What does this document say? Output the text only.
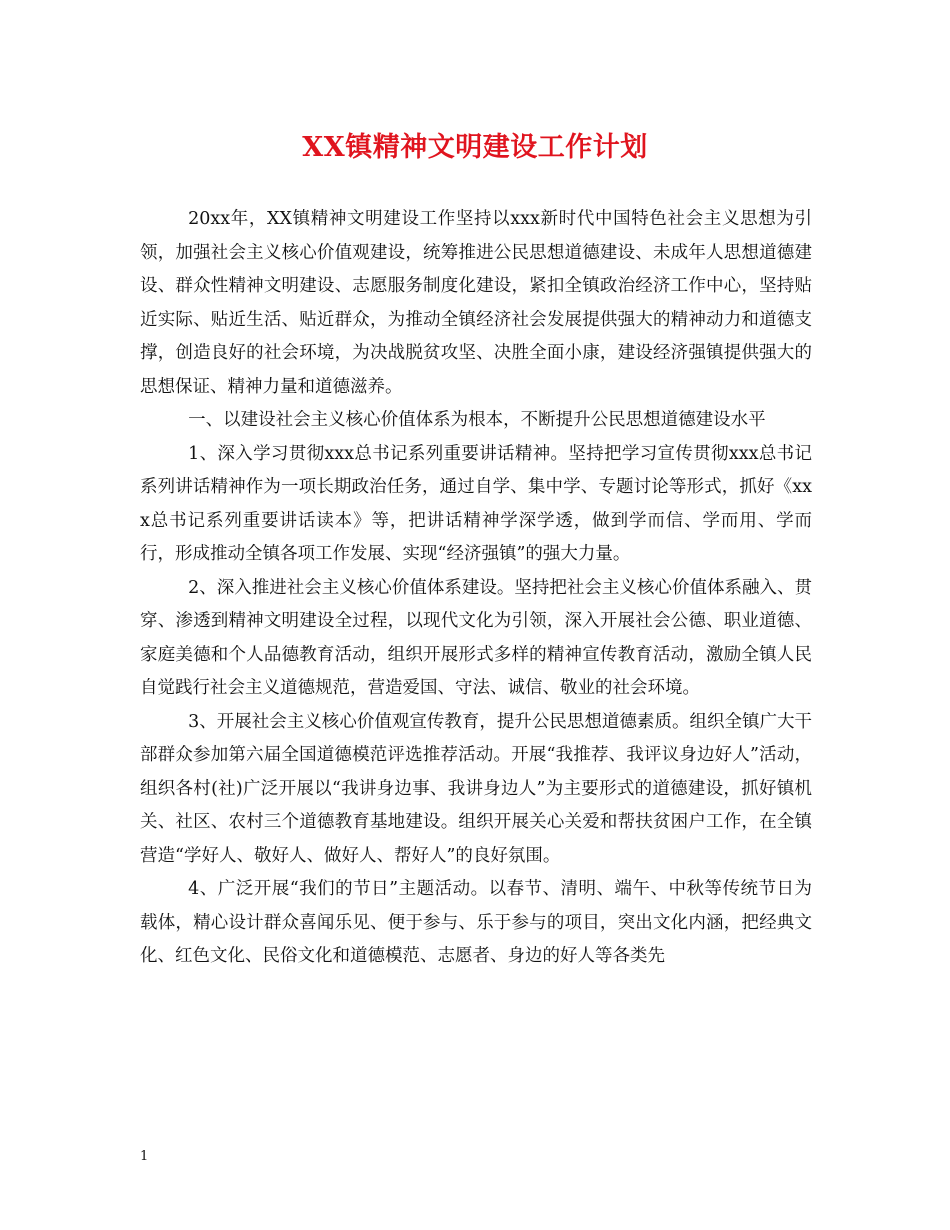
XX镇精神文明建设工作计划

20xx年，XX镇精神文明建设工作坚持以xxx新时代中国特色社会主义思想为引领，加强社会主义核心价值观建设，统筹推进公民思想道德建设、未成年人思想道德建设、群众性精神文明建设、志愿服务制度化建设，紧扣全镇政治经济工作中心，坚持贴近实际、贴近生活、贴近群众，为推动全镇经济社会发展提供强大的精神动力和道德支撑，创造良好的社会环境，为决战脱贫攻坚、决胜全面小康，建设经济强镇提供强大的思想保证、精神力量和道德滋养。

一、以建设社会主义核心价值体系为根本，不断提升公民思想道德建设水平

1、深入学习贯彻xxx总书记系列重要讲话精神。坚持把学习宣传贯彻xxx总书记系列讲话精神作为一项长期政治任务，通过自学、集中学、专题讨论等形式，抓好《xxx总书记系列重要讲话读本》等，把讲话精神学深学透，做到学而信、学而用、学而行，形成推动全镇各项工作发展、实现“经济强镇”的强大力量。

2、深入推进社会主义核心价值体系建设。坚持把社会主义核心价值体系融入、贯穿、渗透到精神文明建设全过程，以现代文化为引领，深入开展社会公德、职业道德、家庭美德和个人品德教育活动，组织开展形式多样的精神宣传教育活动，激励全镇人民自觉践行社会主义道德规范，营造爱国、守法、诚信、敬业的社会环境。

3、开展社会主义核心价值观宣传教育，提升公民思想道德素质。组织全镇广大干部群众参加第六届全国道德模范评选推荐活动。开展“我推荐、我评议身边好人”活动，组织各村(社)广泛开展以“我讲身边事、我讲身边人”为主要形式的道德建设，抓好镇机关、社区、农村三个道德教育基地建设。组织开展关心关爱和帮扶贫困户工作，在全镇营造“学好人、敬好人、做好人、帮好人”的良好氛围。

4、广泛开展“我们的节日”主题活动。以春节、清明、端午、中秋等传统节日为载体，精心设计群众喜闻乐见、便于参与、乐于参与的项目，突出文化内涵，把经典文化、红色文化、民俗文化和道德模范、志愿者、身边的好人等各类先

1
